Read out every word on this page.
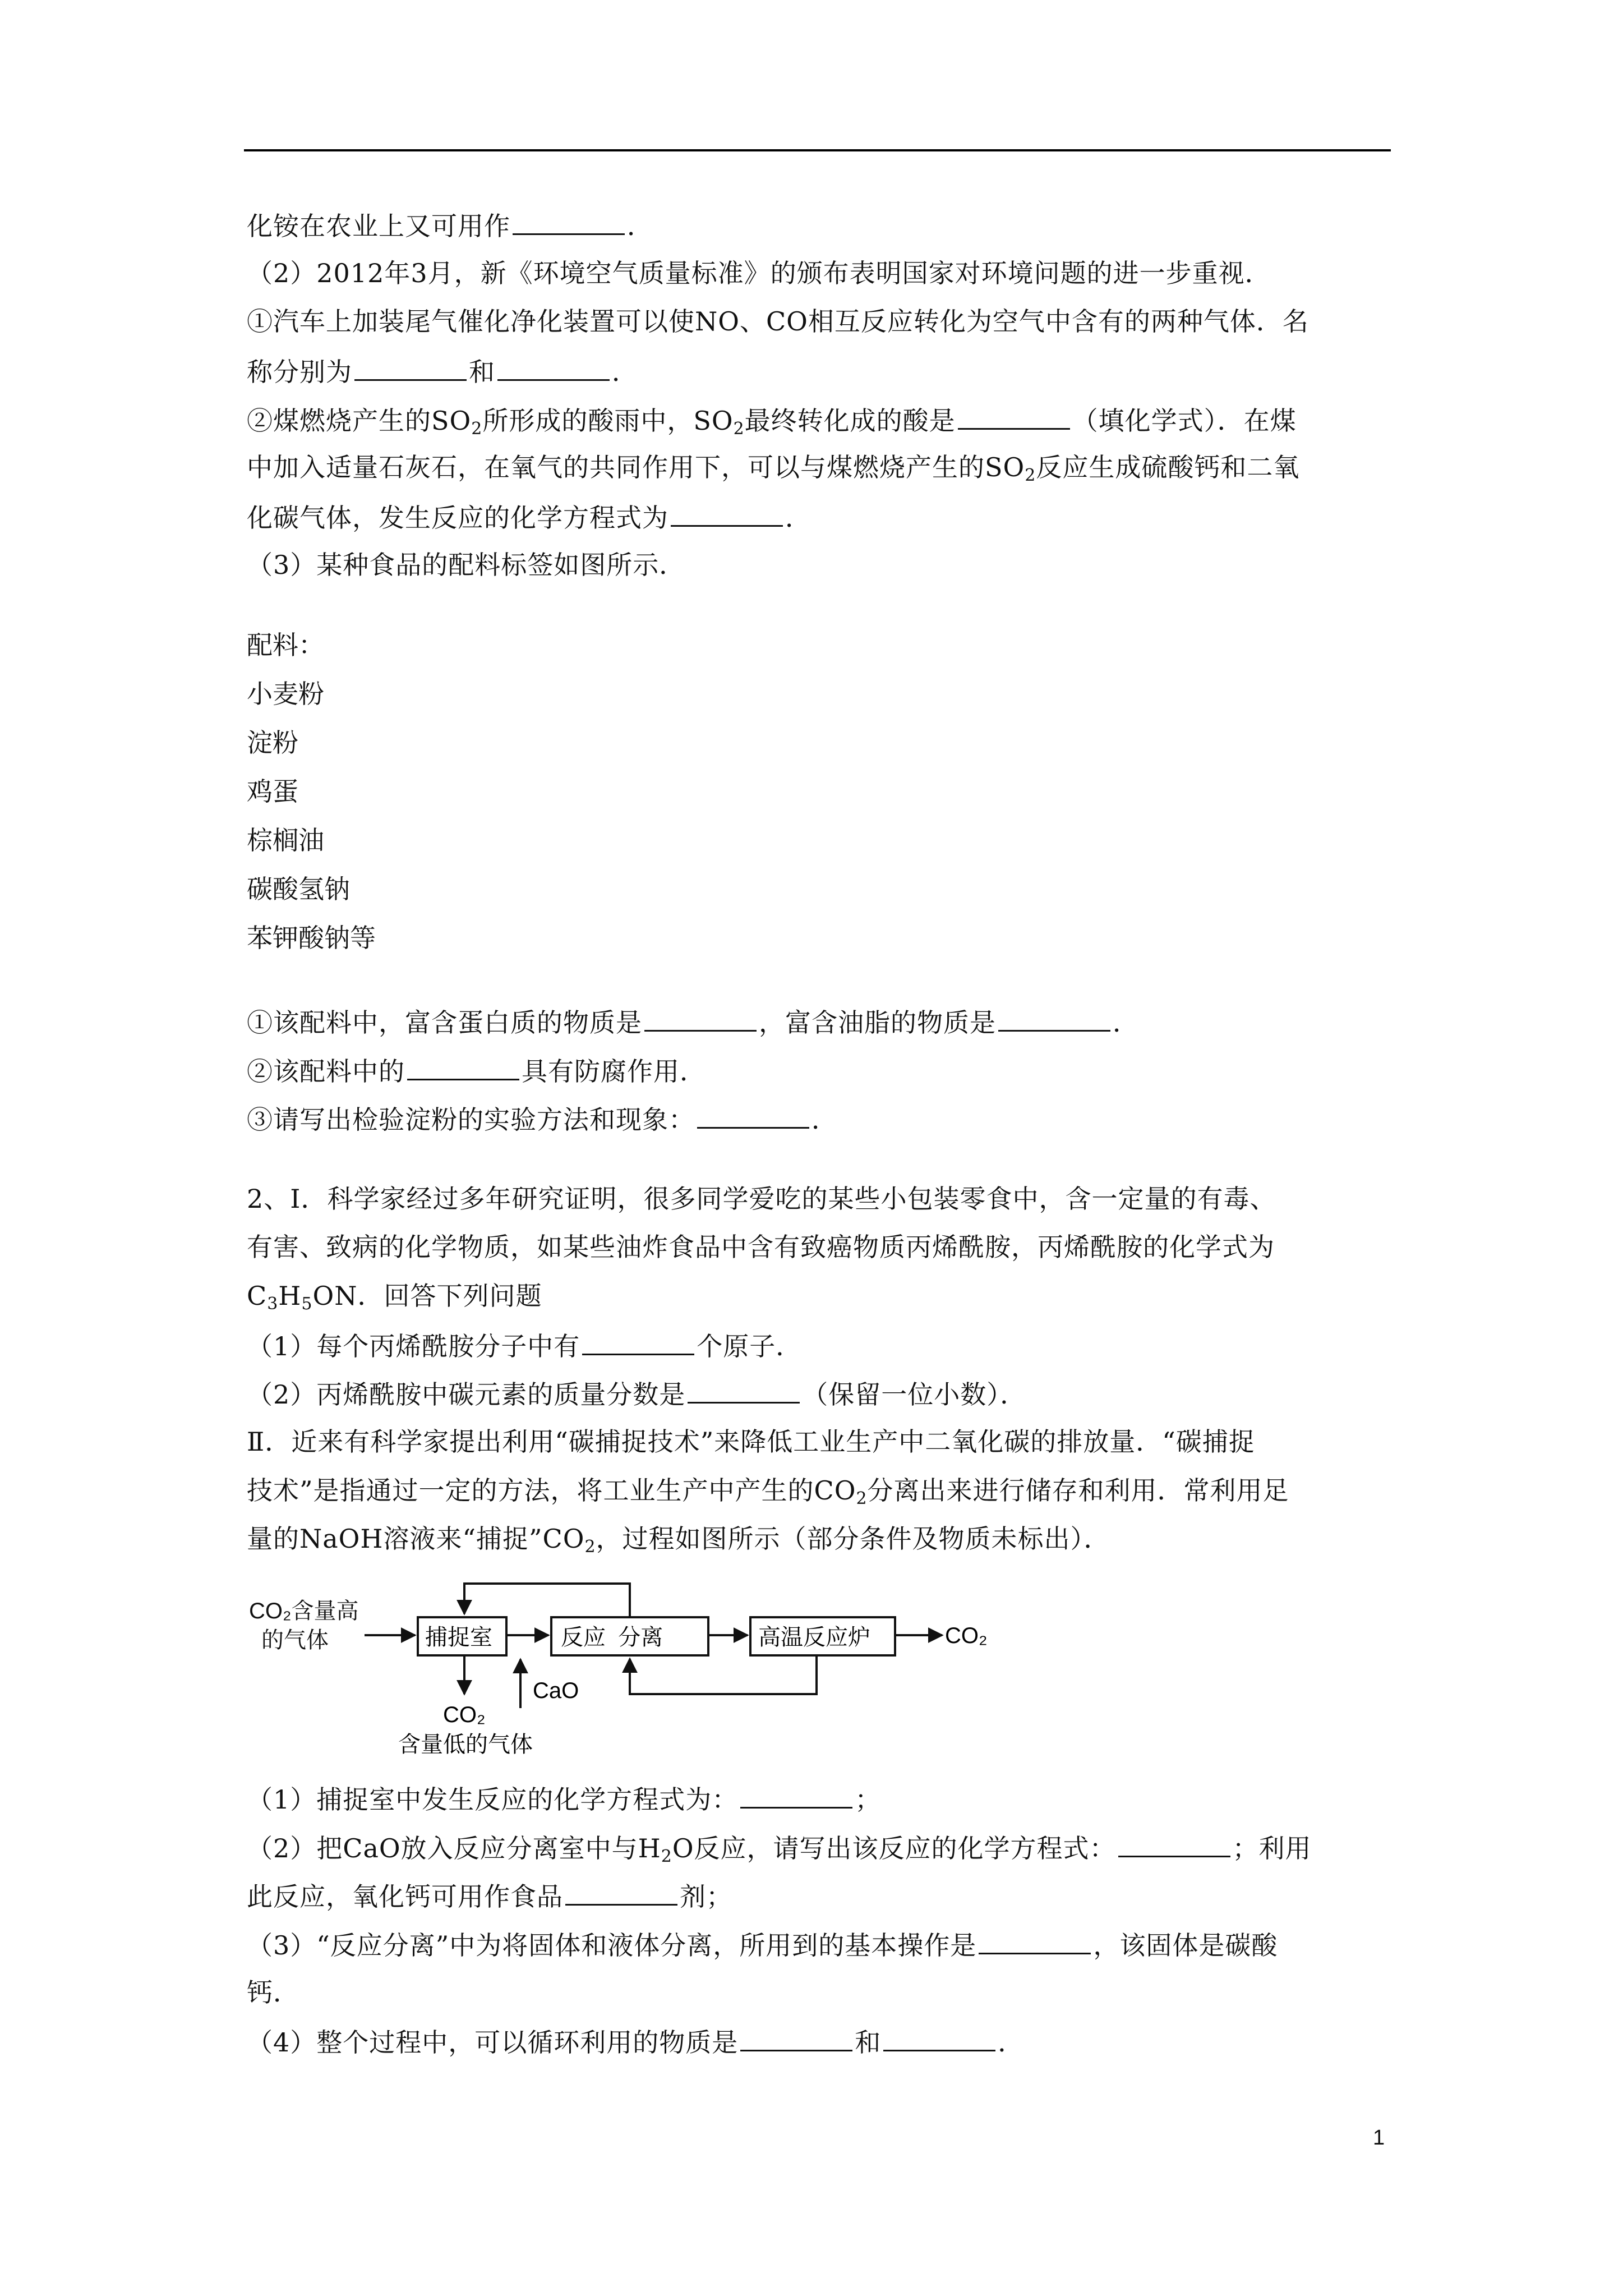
化铵在农业上又可用作	．
（2）2012年3月，新《环境空气质量标准》的颁布表明国家对环境问题的进一步重视．
①汽车上加装尾气催化净化装置可以使NO、CO相互反应转化为空气中含有的两种气体．名
称分别为	和	．
②煤燃烧产生的$SO_2$所形成的酸雨中，$SO_2$最终转化成的酸是	（填化学式）．在煤
中加入适量石灰石，在氧气的共同作用下，可以与煤燃烧产生的$SO_2$反应生成硫酸钙和二氧
化碳气体，发生反应的化学方程式为	．
（3）某种食品的配料标签如图所示．
配料：
小麦粉
淀粉
鸡蛋
棕榈油
碳酸氢钠
苯钾酸钠等
①该配料中，富含蛋白质的物质是	，富含油脂的物质是	．
②该配料中的	具有防腐作用．
③请写出检验淀粉的实验方法和现象：	．
2、Ⅰ．科学家经过多年研究证明，很多同学爱吃的某些小包装零食中，含一定量的有毒、
有害、致病的化学物质，如某些油炸食品中含有致癌物质丙烯酰胺，丙烯酰胺的化学式为
$C_3H_5ON$．回答下列问题
（1）每个丙烯酰胺分子中有	个原子．
（2）丙烯酰胺中碳元素的质量分数是	（保留一位小数）．
Ⅱ．近来有科学家提出利用“碳捕捉技术”来降低工业生产中二氧化碳的排放量．“碳捕捉
技术”是指通过一定的方法，将工业生产中产生的$CO_2$分离出来进行储存和利用．常利用足
量的NaOH溶液来“捕捉$”CO_2$，过程如图所示（部分条件及物质未标出）．
CO₂含量高
的气体	捕捉室	反应  分离	高温反应炉	CO₂
CaO
CO₂
含量低的气体
（1）捕捉室中发生反应的化学方程式为：	；
（2）把CaO放入反应分离室中与$H_2O$反应，请写出该反应的化学方程式：	；利用
此反应，氧化钙可用作食品	剂；
（3）“反应分离”中为将固体和液体分离，所用到的基本操作是	，该固体是碳酸
钙．
（4）整个过程中，可以循环利用的物质是	和	．
1
